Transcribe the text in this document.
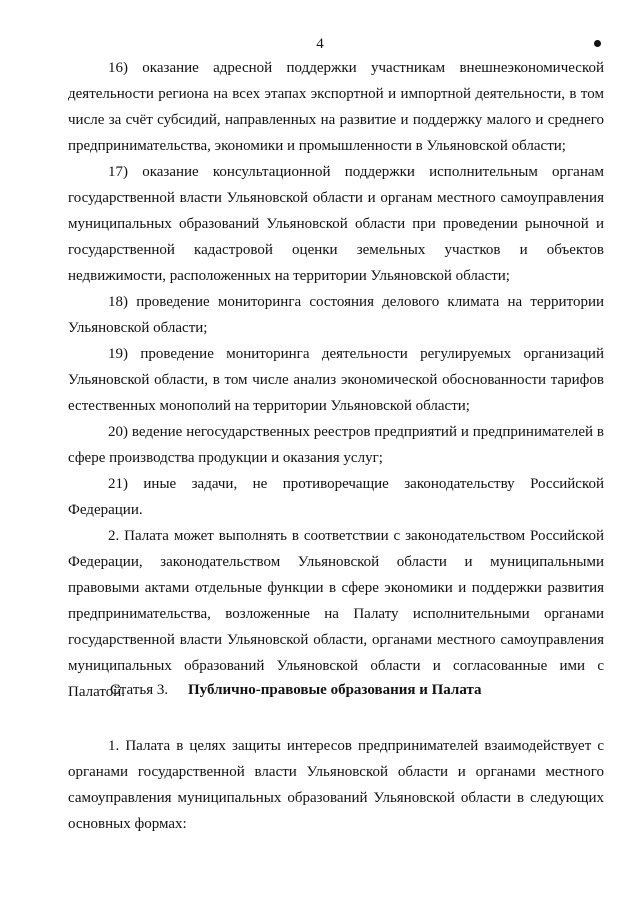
4

16) оказание адресной поддержки участникам внешнеэкономической деятельности региона на всех этапах экспортной и импортной деятельности, в том числе за счёт субсидий, направленных на развитие и поддержку малого и среднего предпринимательства, экономики и промышленности в Ульяновской области;

17) оказание консультационной поддержки исполнительным органам государственной власти Ульяновской области и органам местного самоуправления муниципальных образований Ульяновской области при проведении рыночной и государственной кадастровой оценки земельных участков и объектов недвижимости, расположенных на территории Ульяновской области;

18) проведение мониторинга состояния делового климата на территории Ульяновской области;

19) проведение мониторинга деятельности регулируемых организаций Ульяновской области, в том числе анализ экономической обоснованности тарифов естественных монополий на территории Ульяновской области;

20) ведение негосударственных реестров предприятий и предпринимателей в сфере производства продукции и оказания услуг;

21) иные задачи, не противоречащие законодательству Российской Федерации.

2. Палата может выполнять в соответствии с законодательством Российской Федерации, законодательством Ульяновской области и муниципальными правовыми актами отдельные функции в сфере экономики и поддержки развития предпринимательства, возложенные на Палату исполнительными органами государственной власти Ульяновской области, органами местного самоуправления муниципальных образований Ульяновской области и согласованные ими с Палатой.

Статья 3. Публично-правовые образования и Палата

1. Палата в целях защиты интересов предпринимателей взаимодействует с органами государственной власти Ульяновской области и органами местного самоуправления муниципальных образований Ульяновской области в следующих основных формах:
